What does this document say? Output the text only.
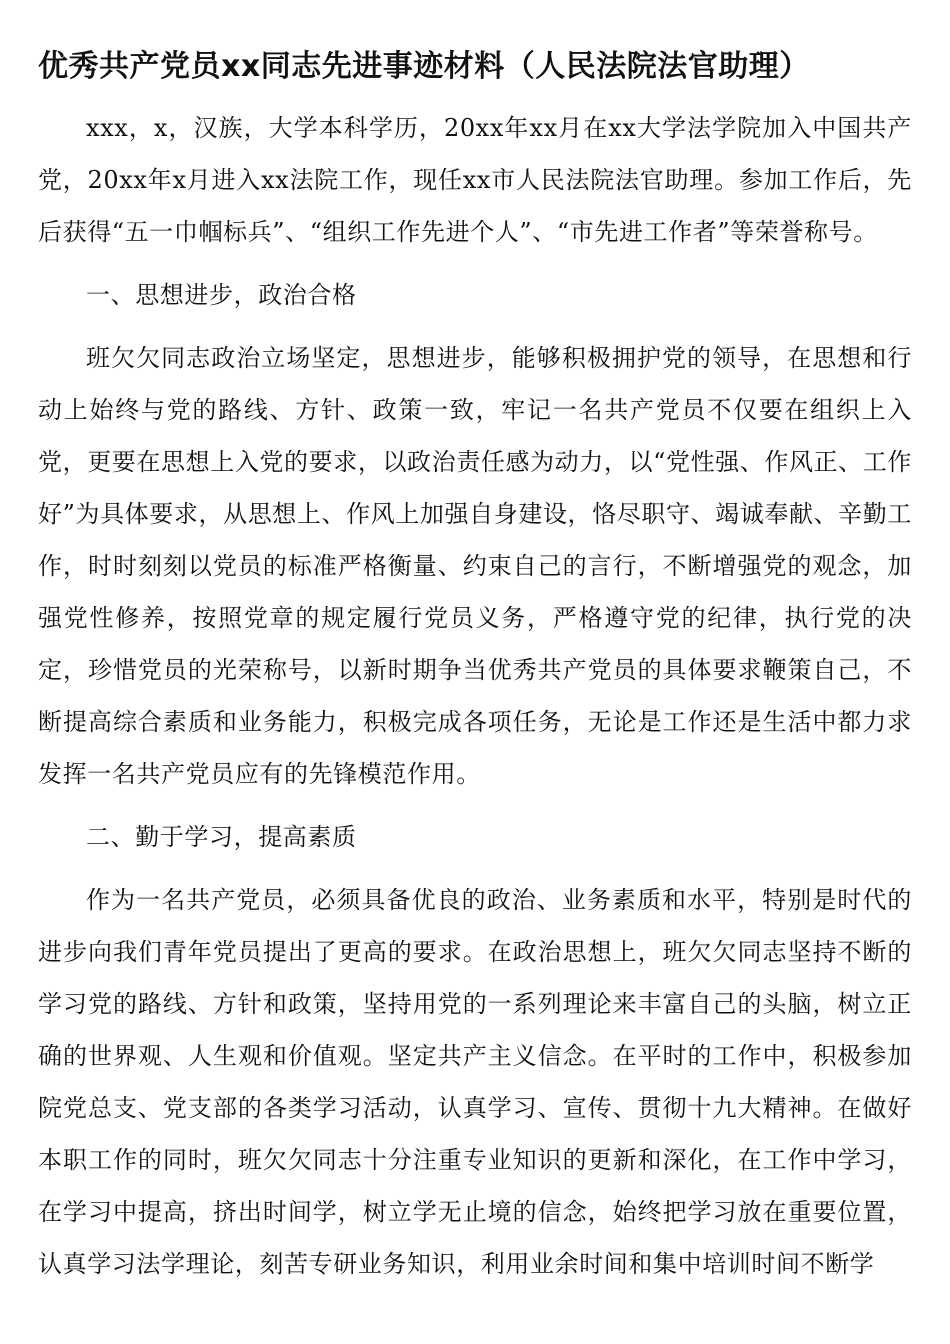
优秀共产党员xx同志先进事迹材料（人民法院法官助理）

xxx，x，汉族，大学本科学历，20xx年xx月在xx大学法学院加入中国共产党，20xx年x月进入xx法院工作，现任xx市人民法院法官助理。参加工作后，先后获得“五一巾帼标兵”、“组织工作先进个人”、“市先进工作者”等荣誉称号。

一、思想进步，政治合格

班欠欠同志政治立场坚定，思想进步，能够积极拥护党的领导，在思想和行动上始终与党的路线、方针、政策一致，牢记一名共产党员不仅要在组织上入党，更要在思想上入党的要求，以政治责任感为动力，以“党性强、作风正、工作好”为具体要求，从思想上、作风上加强自身建设，恪尽职守、竭诚奉献、辛勤工作，时时刻刻以党员的标准严格衡量、约束自己的言行，不断增强党的观念，加强党性修养，按照党章的规定履行党员义务，严格遵守党的纪律，执行党的决定，珍惜党员的光荣称号，以新时期争当优秀共产党员的具体要求鞭策自己，不断提高综合素质和业务能力，积极完成各项任务，无论是工作还是生活中都力求发挥一名共产党员应有的先锋模范作用。

二、勤于学习，提高素质

作为一名共产党员，必须具备优良的政治、业务素质和水平，特别是时代的进步向我们青年党员提出了更高的要求。在政治思想上，班欠欠同志坚持不断的学习党的路线、方针和政策，坚持用党的一系列理论来丰富自己的头脑，树立正确的世界观、人生观和价值观。坚定共产主义信念。在平时的工作中，积极参加院党总支、党支部的各类学习活动，认真学习、宣传、贯彻十九大精神。在做好本职工作的同时，班欠欠同志十分注重专业知识的更新和深化，在工作中学习，在学习中提高，挤出时间学，树立学无止境的信念，始终把学习放在重要位置，认真学习法学理论，刻苦专研业务知识，利用业余时间和集中培训时间不断学
